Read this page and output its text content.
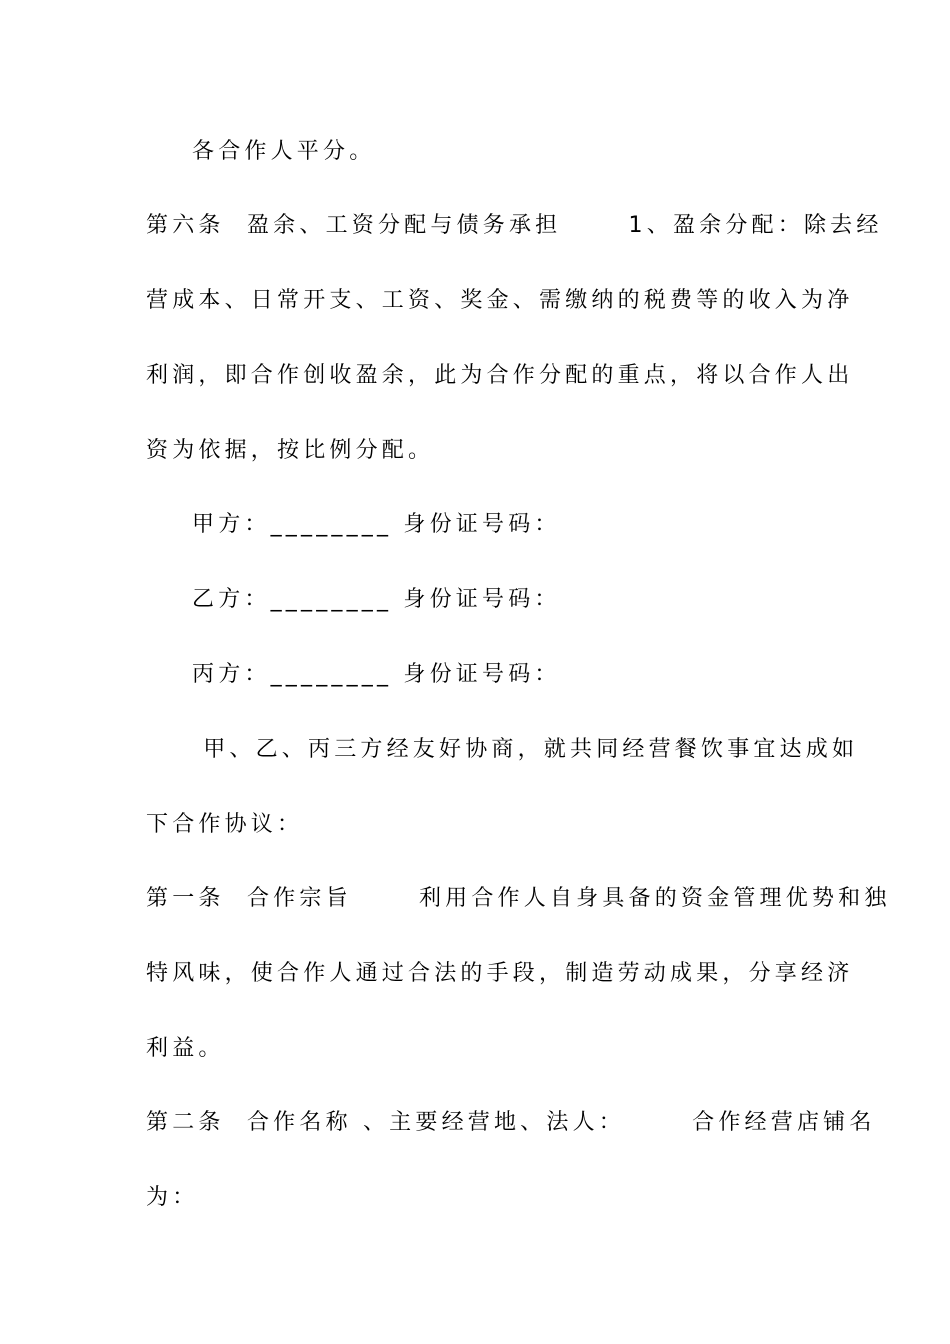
各合作人平分。

第六条  盈余、工资分配与债务承担      1、盈余分配：除去经

营成本、日常开支、工资、奖金、需缴纳的税费等的收入为净

利润，即合作创收盈余，此为合作分配的重点，将以合作人出

资为依据，按比例分配。

甲方：________ 身份证号码：

乙方：________ 身份证号码：

丙方：________ 身份证号码：

甲、乙、丙三方经友好协商，就共同经营餐饮事宜达成如

下合作协议：

第一条  合作宗旨      利用合作人自身具备的资金管理优势和独

特风味，使合作人通过合法的手段，制造劳动成果，分享经济

利益。

第二条  合作名称 、主要经营地、法人：      合作经营店铺名

为：
